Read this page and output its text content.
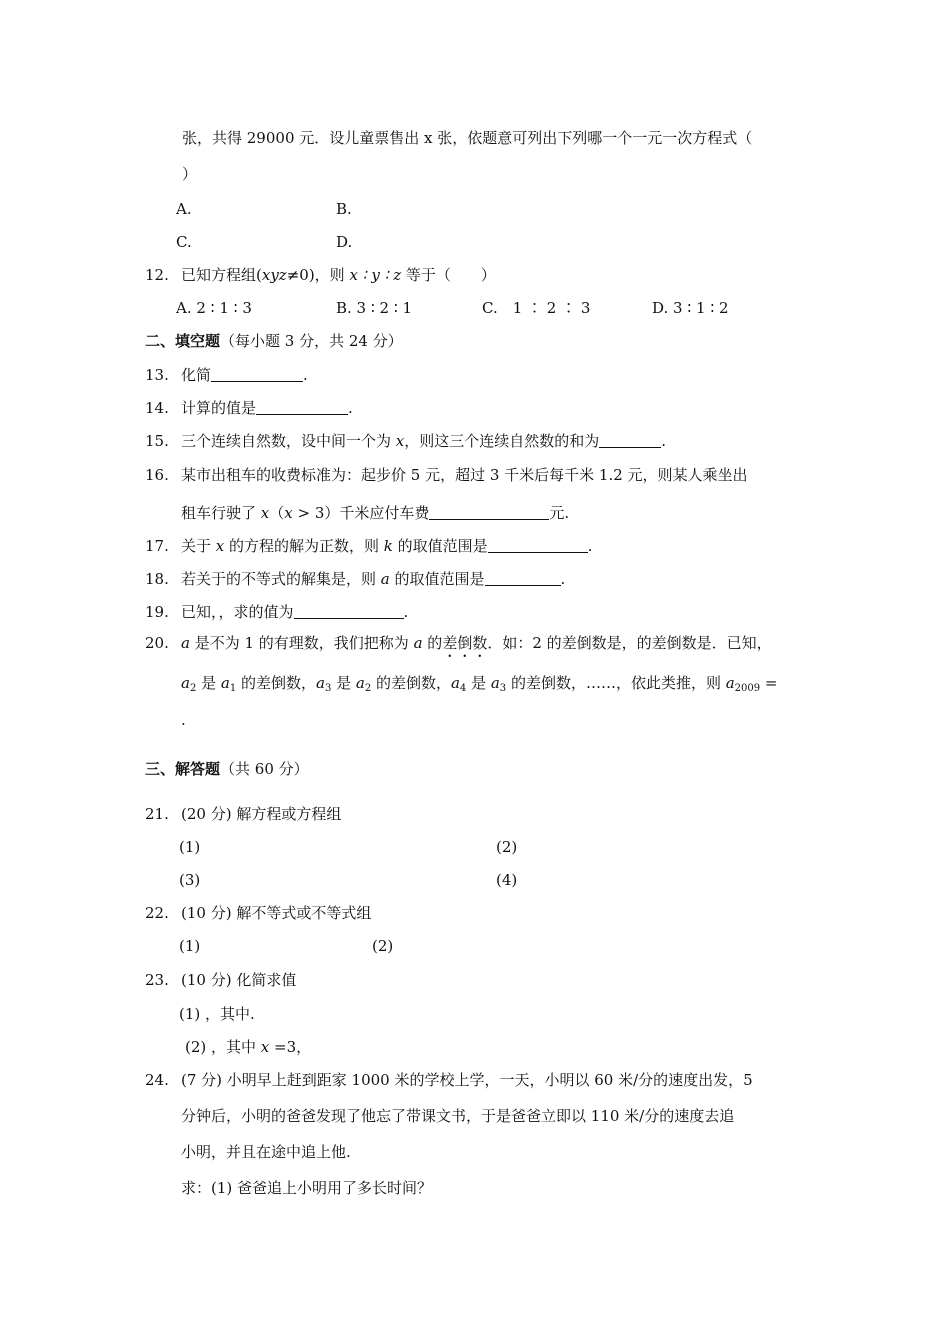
张，共得 29000 元．设儿童票售出 x 张，依题意可列出下列哪一个一元一次方程式（
）
A.	B.
C.	D.
12. 已知方程组(xyz≠0)，则 x ∶ y ∶ z 等于（　　）
A. 2 ∶ 1 ∶ 3	B. 3 ∶ 2 ∶ 1	C.　1 ∶ 2 ∶ 3	D. 3 ∶ 1 ∶ 2
二、填空题（每小题 3 分，共 24 分）
13. 化简	.
14. 计算的值是	.
15. 三个连续自然数，设中间一个为 x，则这三个连续自然数的和为	.
16. 某市出租车的收费标准为：起步价 5 元，超过 3 千米后每千米 1.2 元，则某人乘坐出
租车行驶了 x（x > 3）千米应付车费	元.
17. 关于 x 的方程的解为正数，则 k 的取值范围是	.
18. 若关于的不等式的解集是，则 a 的取值范围是	.
19. 已知，，求的值为	.
20. a 是不为 1 的有理数，我们把称为 a 的差倒数．如：2 的差倒数是，的差倒数是．已知，
$a_2$ 是 $a_1$ 的差倒数，$a_3$ 是 $a_2$ 的差倒数，$a_4$ 是 $a_3$ 的差倒数，……，依此类推，则 $a_{2009}$ =
.
三、解答题（共 60 分）
21. (20 分) 解方程或方程组
(1)	(2)
(3)	(4)
22. (10 分) 解不等式或不等式组
(1)	(2)
23. (10 分) 化简求值
(1) ，其中.
(2) ，其中 x =3，
24. (7 分) 小明早上赶到距家 1000 米的学校上学，一天，小明以 60 米/分的速度出发，5
分钟后，小明的爸爸发现了他忘了带课文书，于是爸爸立即以 110 米/分的速度去追
小明，并且在途中追上他.
求：(1) 爸爸追上小明用了多长时间？
